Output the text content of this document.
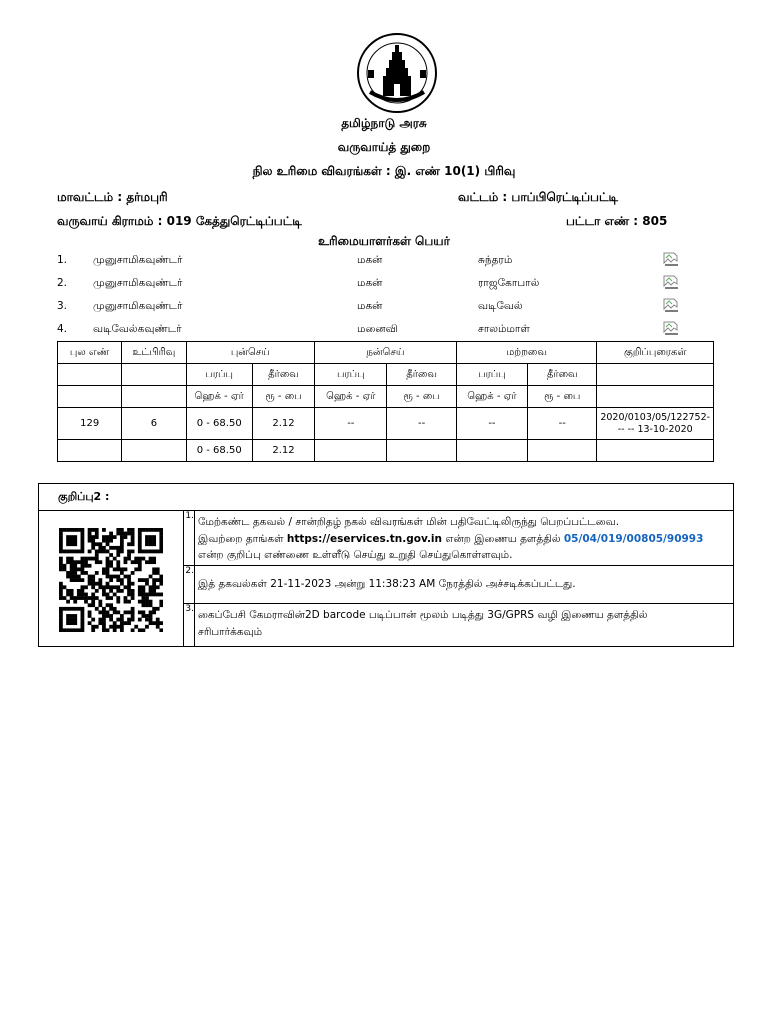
தமிழ்நாடு அரசு
வருவாய்த் துறை
நில உரிமை விவரங்கள் : இ. எண் 10(1) பிரிவு
மாவட்டம் : தர்மபுரி	வட்டம் : பாப்பிரெட்டிப்பட்டி
வருவாய் கிராமம் : 019 கேத்துரெட்டிப்பட்டி	பட்டா எண் : 805
உரிமையாளர்கள் பெயர்
1. முனுசாமிகவுண்டர்	மகன்	சுந்தரம்
2. முனுசாமிகவுண்டர்	மகன்	ராஜகோபால்
3. முனுசாமிகவுண்டர்	மகன்	வடிவேல்
4. வடிவேல்கவுண்டர்	மனைவி	சாலம்மாள்
புல எண்	உட்பிரிவு	புன்செய்		நன்செய்		மற்றவை		குறிப்புரைகள்
		பரப்பு	தீர்வை	பரப்பு	தீர்வை	பரப்பு	தீர்வை	
		ஹெக் - ஏர்	ரூ - பை	ஹெக் - ஏர்	ரூ - பை	ஹெக் - ஏர்	ரூ - பை	
129	6	0 - 68.50	2.12	--	--	--	--	2020/0103/05/122752-
-- -- 13-10-2020

		0 - 68.50	2.12					
குறிப்பு2 :
1. மேற்கண்ட தகவல் / சான்றிதழ் நகல் விவரங்கள் மின் பதிவேட்டிலிருந்து பெறப்பட்டவை.
இவற்றை தாங்கள் https://eservices.tn.gov.in என்ற இணைய தளத்தில் 05/04/019/00805/90993
என்ற குறிப்பு எண்ணை உள்ளீடு செய்து உறுதி செய்துகொள்ளவும்.
2.
இத் தகவல்கள் 21-11-2023 அன்று 11:38:23 AM நேரத்தில் அச்சடிக்கப்பட்டது.
3. கைப்பேசி கேமராவின்2D barcode படிப்பான் மூலம் படித்து 3G/GPRS வழி இணைய தளத்தில்
சரிபார்க்கவும்
